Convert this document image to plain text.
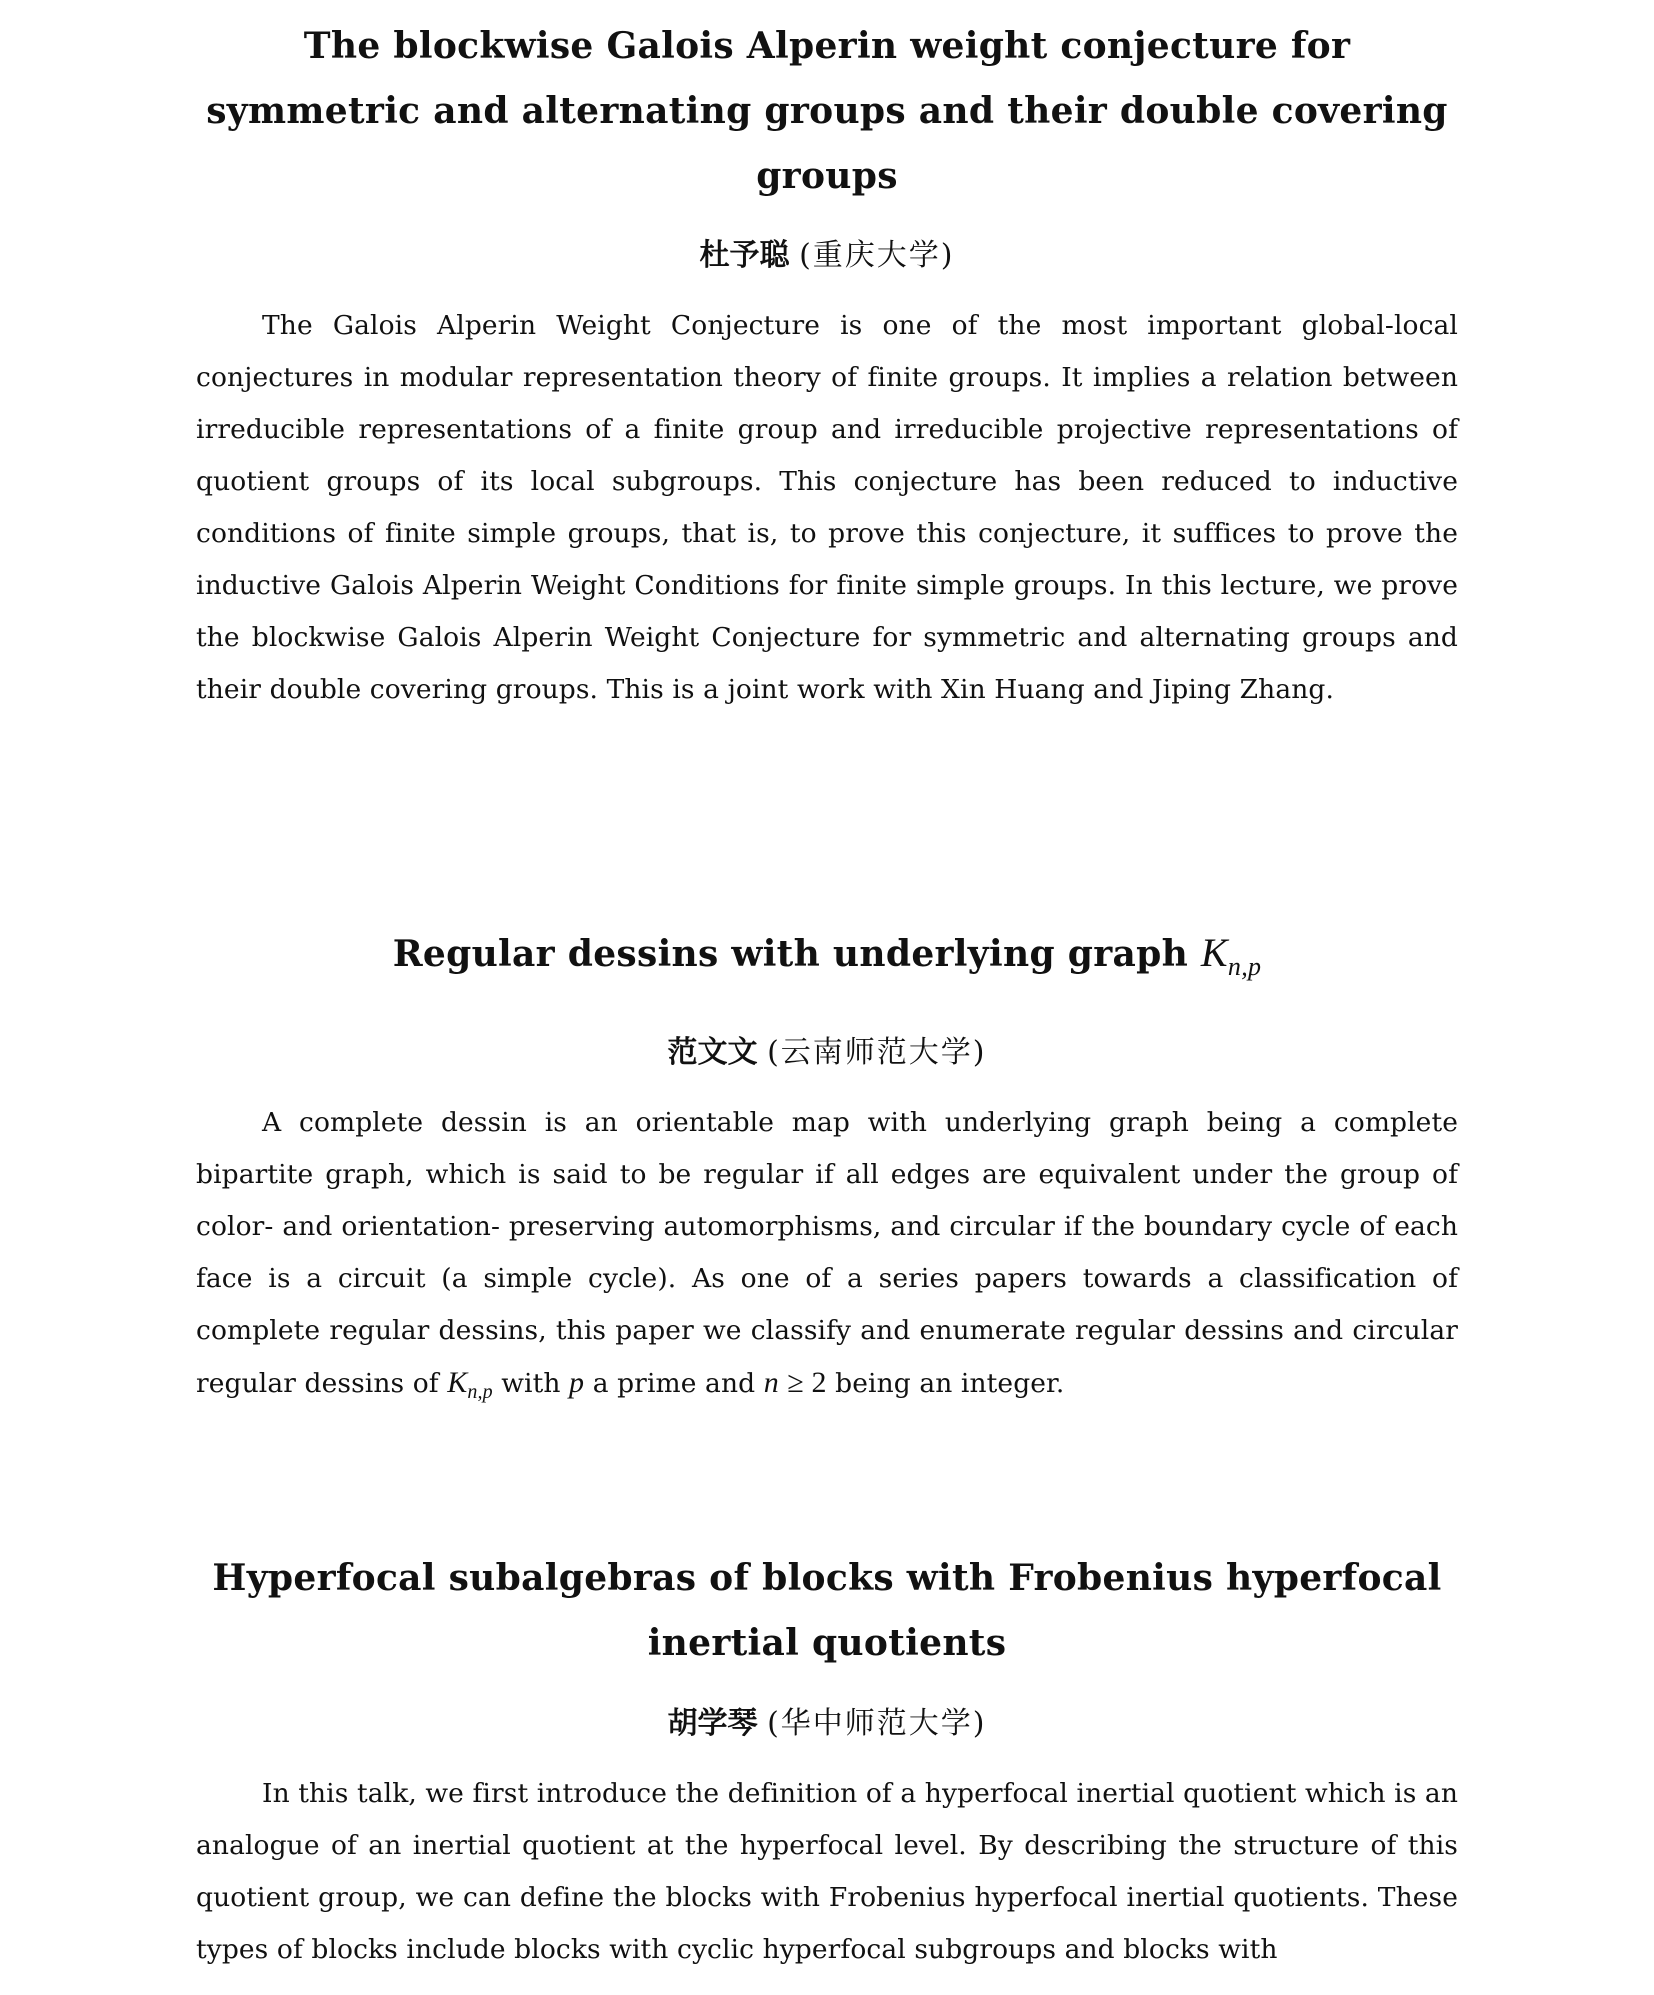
The blockwise Galois Alperin weight conjecture for symmetric and alternating groups and their double covering groups

杜予聪 (重庆大学)

The Galois Alperin Weight Conjecture is one of the most important global-local conjectures in modular representation theory of finite groups. It implies a relation between irreducible representations of a finite group and irreducible projective representations of quotient groups of its local subgroups. This conjecture has been reduced to inductive conditions of finite simple groups, that is, to prove this conjecture, it suffices to prove the inductive Galois Alperin Weight Conditions for finite simple groups. In this lecture, we prove the blockwise Galois Alperin Weight Conjecture for symmetric and alternating groups and their double covering groups. This is a joint work with Xin Huang and Jiping Zhang.

Regular dessins with underlying graph $K_{n,p}$

范文文 (云南师范大学)

A complete dessin is an orientable map with underlying graph being a complete bipartite graph, which is said to be regular if all edges are equivalent under the group of color- and orientation- preserving automorphisms, and circular if the boundary cycle of each face is a circuit (a simple cycle). As one of a series papers towards a classification of complete regular dessins, this paper we classify and enumerate regular dessins and circular regular dessins of $K_{n,p}$ with p a prime and n ≥ 2 being an integer.

Hyperfocal subalgebras of blocks with Frobenius hyperfocal inertial quotients

胡学琴 (华中师范大学)

In this talk, we first introduce the definition of a hyperfocal inertial quotient which is an analogue of an inertial quotient at the hyperfocal level. By describing the structure of this quotient group, we can define the blocks with Frobenius hyperfocal inertial quotients. These types of blocks include blocks with cyclic hyperfocal subgroups and blocks with
